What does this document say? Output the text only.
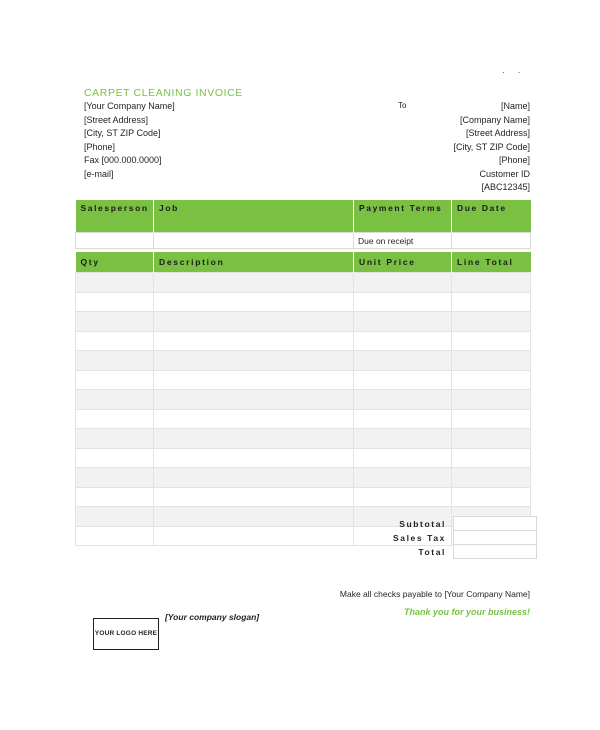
· ·
CARPET CLEANING INVOICE
[Your Company Name]
[Street Address]
[City, ST ZIP Code]
[Phone]
Fax [000.000.0000]
[e-mail]
To	[Name]
[Company Name]
[Street Address]
[City, ST ZIP Code]
[Phone]
Customer ID
[ABC12345]
Salesperson	Job	Payment Terms	Due Date
		Due on receipt	
Qty	Description	Unit Price	Line Total

Subtotal	
Sales Tax	
Total	
Make all checks payable to [Your Company Name]
Thank you for your business!
[Your company slogan]
YOUR LOGO HERE
